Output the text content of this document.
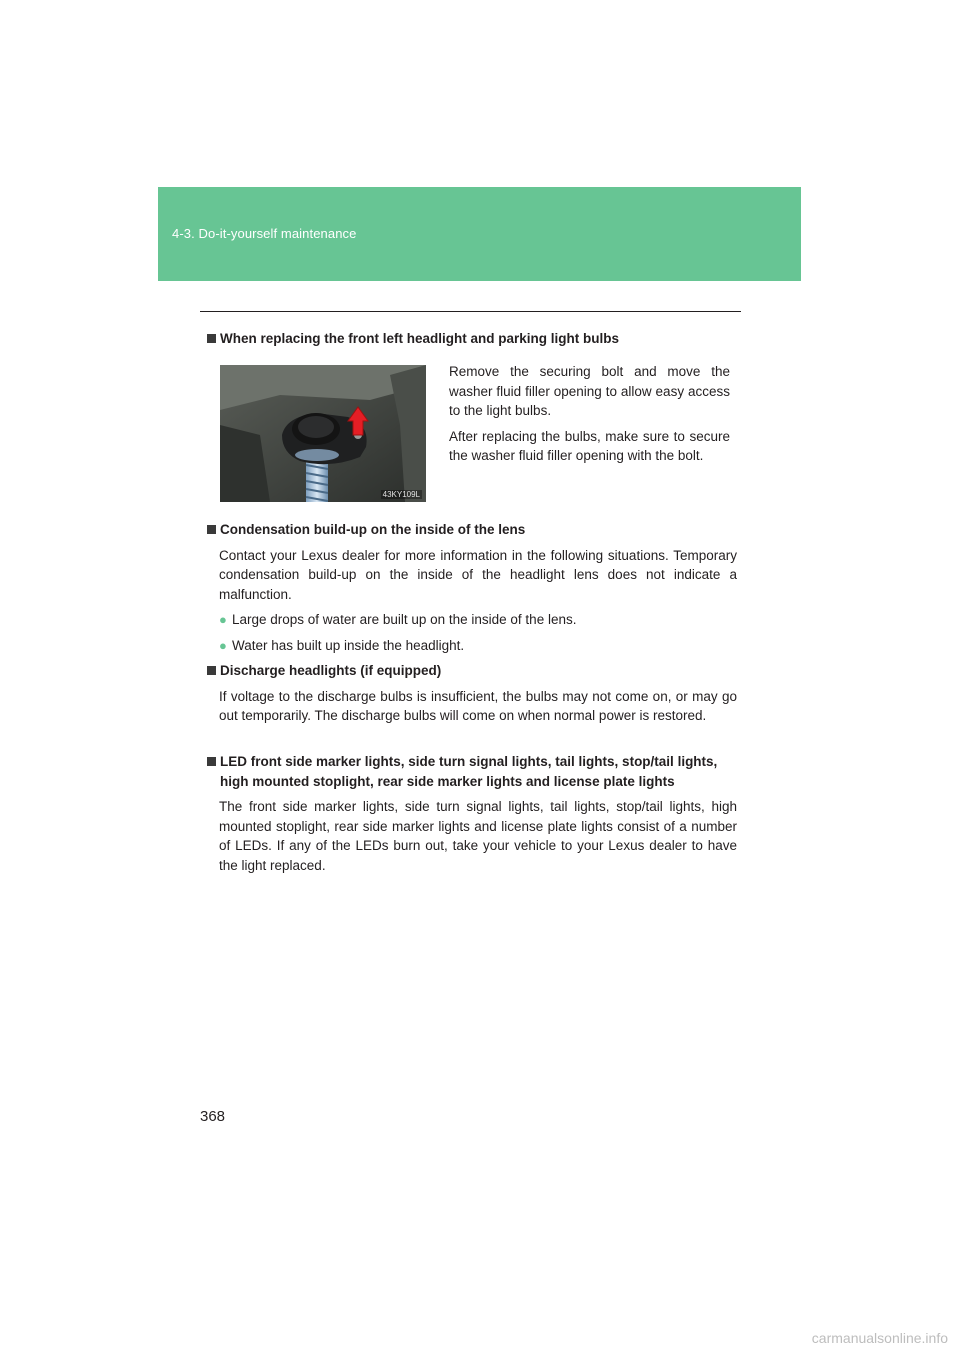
4-3. Do-it-yourself maintenance
When replacing the front left headlight and parking light bulbs
43KY109L

Remove the securing bolt and move the washer fluid filler opening to allow easy access to the light bulbs.

After replacing the bulbs, make sure to secure the washer fluid filler opening with the bolt.

Condensation build-up on the inside of the lens
Contact your Lexus dealer for more information in the following situations. Temporary condensation build-up on the inside of the headlight lens does not indicate a malfunction.
● Large drops of water are built up on the inside of the lens.
● Water has built up inside the headlight.
Discharge headlights (if equipped)
If voltage to the discharge bulbs is insufficient, the bulbs may not come on, or may go out temporarily. The discharge bulbs will come on when normal power is restored.
LED front side marker lights, side turn signal lights, tail lights, stop/tail lights, high mounted stoplight, rear side marker lights and license plate lights
The front side marker lights, side turn signal lights, tail lights, stop/tail lights, high mounted stoplight, rear side marker lights and license plate lights consist of a number of LEDs. If any of the LEDs burn out, take your vehicle to your Lexus dealer to have the light replaced.
368
carmanualsonline.info
